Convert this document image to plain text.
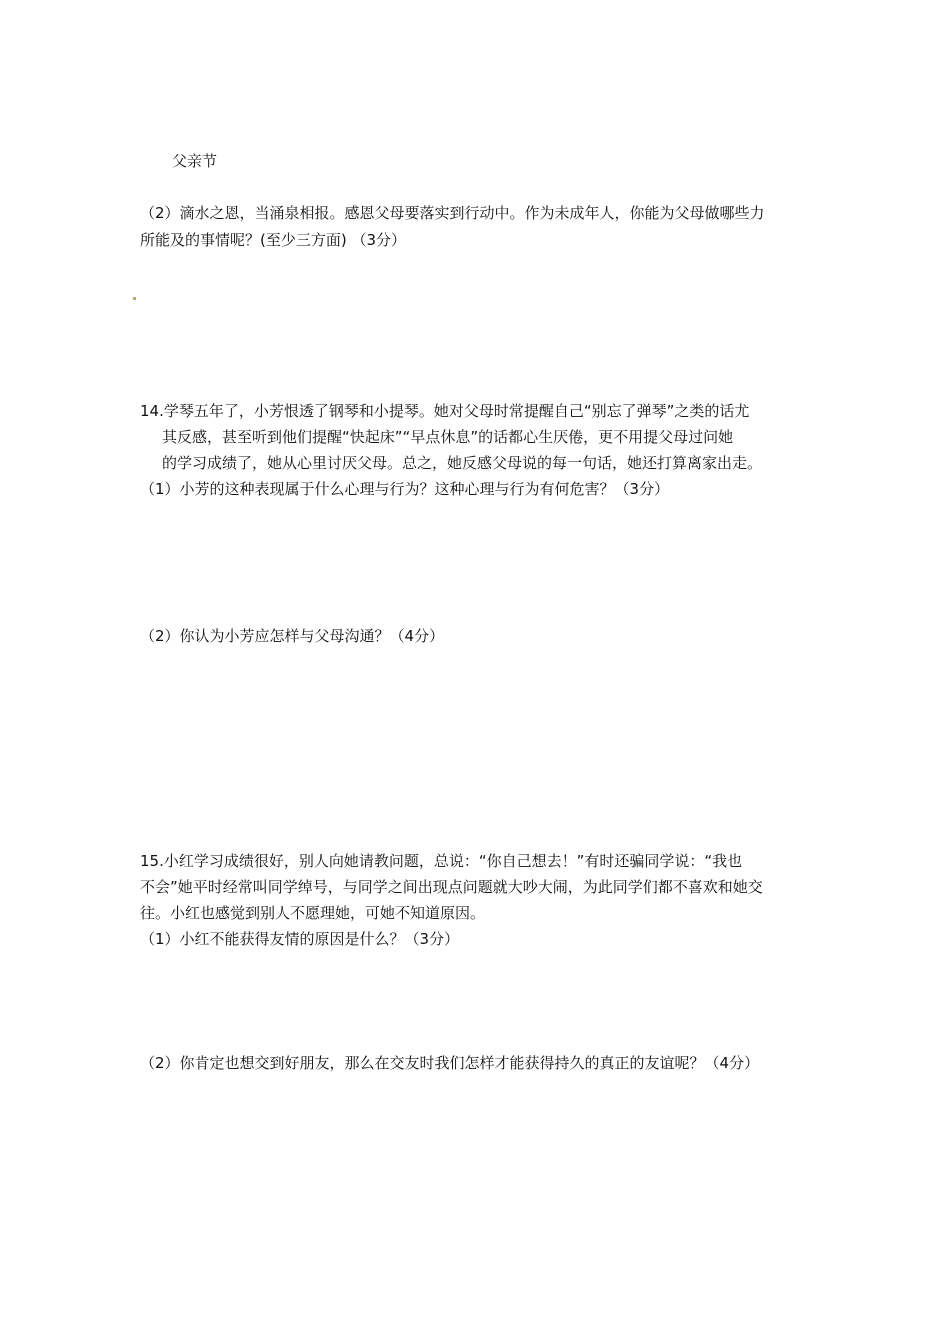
父亲节
（2）滴水之恩，当涌泉相报。感恩父母要落实到行动中。作为未成年人，你能为父母做哪些力
所能及的事情呢？(至少三方面) （3分）
14.学琴五年了，小芳恨透了钢琴和小提琴。她对父母时常提醒自己“别忘了弹琴”之类的话尤
其反感，甚至听到他们提醒“快起床”“早点休息”的话都心生厌倦，更不用提父母过问她
的学习成绩了，她从心里讨厌父母。总之，她反感父母说的每一句话，她还打算离家出走。
（1）小芳的这种表现属于什么心理与行为？这种心理与行为有何危害？（3分）
（2）你认为小芳应怎样与父母沟通？（4分）
15.小红学习成绩很好，别人向她请教问题，总说：“你自己想去！”有时还骗同学说：“我也
不会”她平时经常叫同学绰号，与同学之间出现点问题就大吵大闹，为此同学们都不喜欢和她交
往。小红也感觉到别人不愿理她，可她不知道原因。
（1）小红不能获得友情的原因是什么？（3分）
（2）你肯定也想交到好朋友，那么在交友时我们怎样才能获得持久的真正的友谊呢？（4分）
